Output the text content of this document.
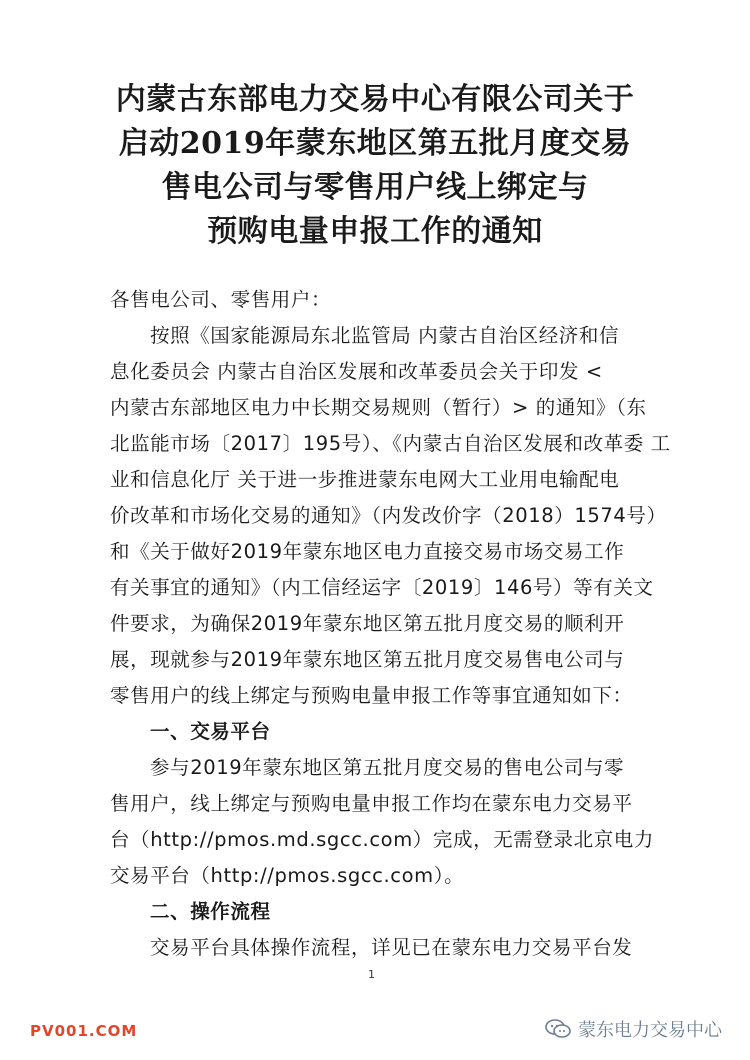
内蒙古东部电力交易中心有限公司关于
启动2019年蒙东地区第五批月度交易
售电公司与零售用户线上绑定与
预购电量申报工作的通知
各售电公司、零售用户：
按照《国家能源局东北监管局 内蒙古自治区经济和信
息化委员会 内蒙古自治区发展和改革委员会关于印发 <
内蒙古东部地区电力中长期交易规则（暂行）> 的通知》（东
北监能市场〔2017〕195号）、《内蒙古自治区发展和改革委 工
业和信息化厅 关于进一步推进蒙东电网大工业用电输配电
价改革和市场化交易的通知》（内发改价字（2018）1574号）
和《关于做好2019年蒙东地区电力直接交易市场交易工作
有关事宜的通知》（内工信经运字〔2019〕146号）等有关文
件要求，为确保2019年蒙东地区第五批月度交易的顺利开
展，现就参与2019年蒙东地区第五批月度交易售电公司与
零售用户的线上绑定与预购电量申报工作等事宜通知如下：
一、交易平台
参与2019年蒙东地区第五批月度交易的售电公司与零
售用户，线上绑定与预购电量申报工作均在蒙东电力交易平
台（http://pmos.md.sgcc.com）完成，无需登录北京电力
交易平台（http://pmos.sgcc.com）。
二、操作流程
交易平台具体操作流程，详见已在蒙东电力交易平台发
1
PV001.COM	蒙东电力交易中心
